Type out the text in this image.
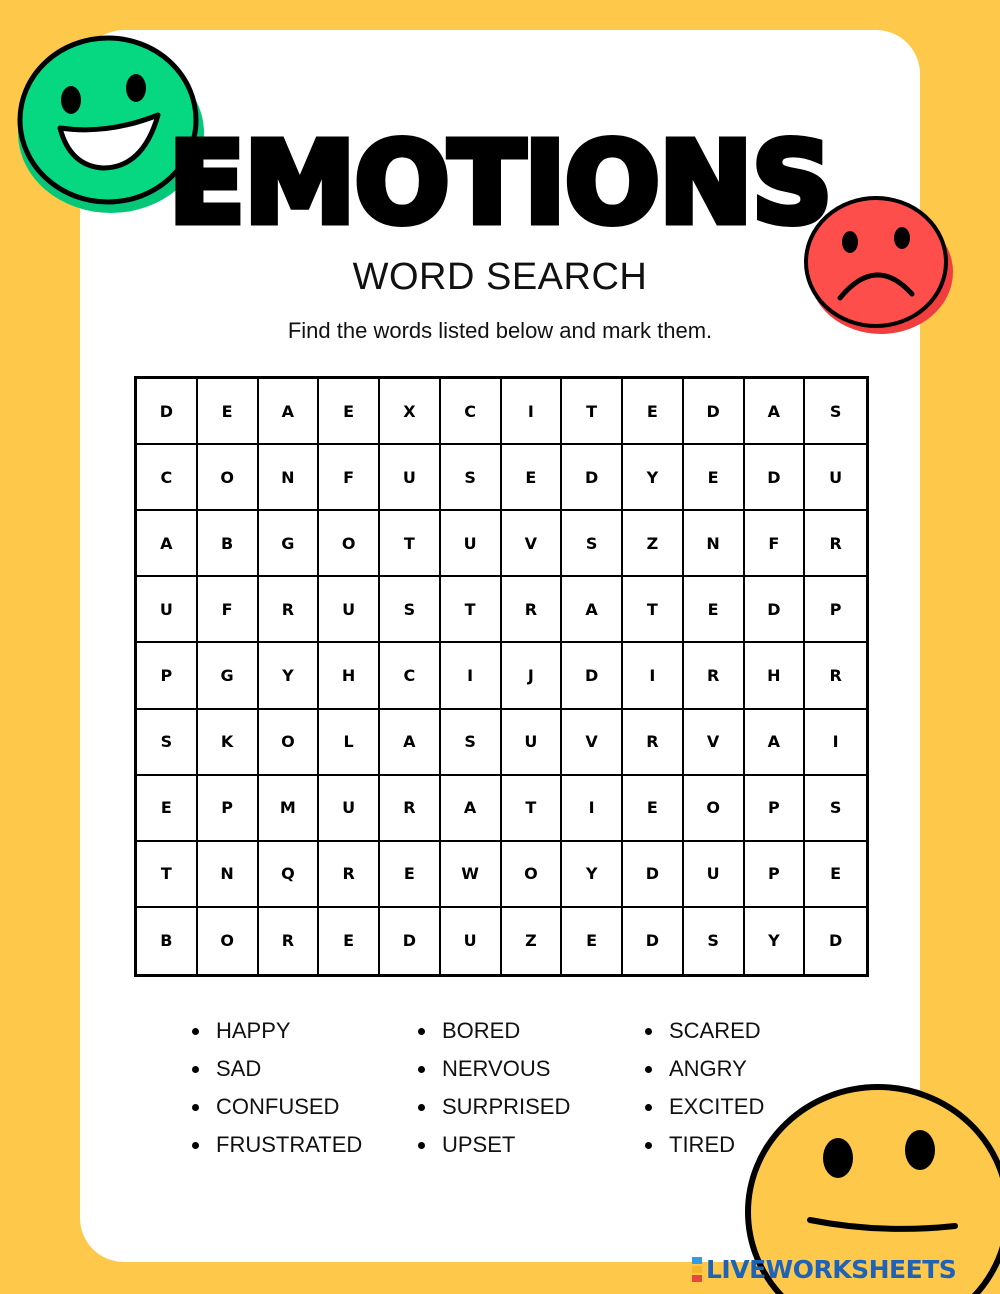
EMOTIONS
WORD SEARCH
Find the words listed below and mark them.
D	E	A	E	X	C	I	T	E	D	A	S
C	O	N	F	U	S	E	D	Y	E	D	U
A	B	G	O	T	U	V	S	Z	N	F	R
U	F	R	U	S	T	R	A	T	E	D	P
P	G	Y	H	C	I	J	D	I	R	H	R
S	K	O	L	A	S	U	V	R	V	A	I
E	P	M	U	R	A	T	I	E	O	P	S
T	N	Q	R	E	W	O	Y	D	U	P	E
B	O	R	E	D	U	Z	E	D	S	Y	D
HAPPY
SAD
CONFUSED
FRUSTRATED
BORED
NERVOUS
SURPRISED
UPSET
SCARED
ANGRY
EXCITED
TIRED
LIVEWORKSHEETS
